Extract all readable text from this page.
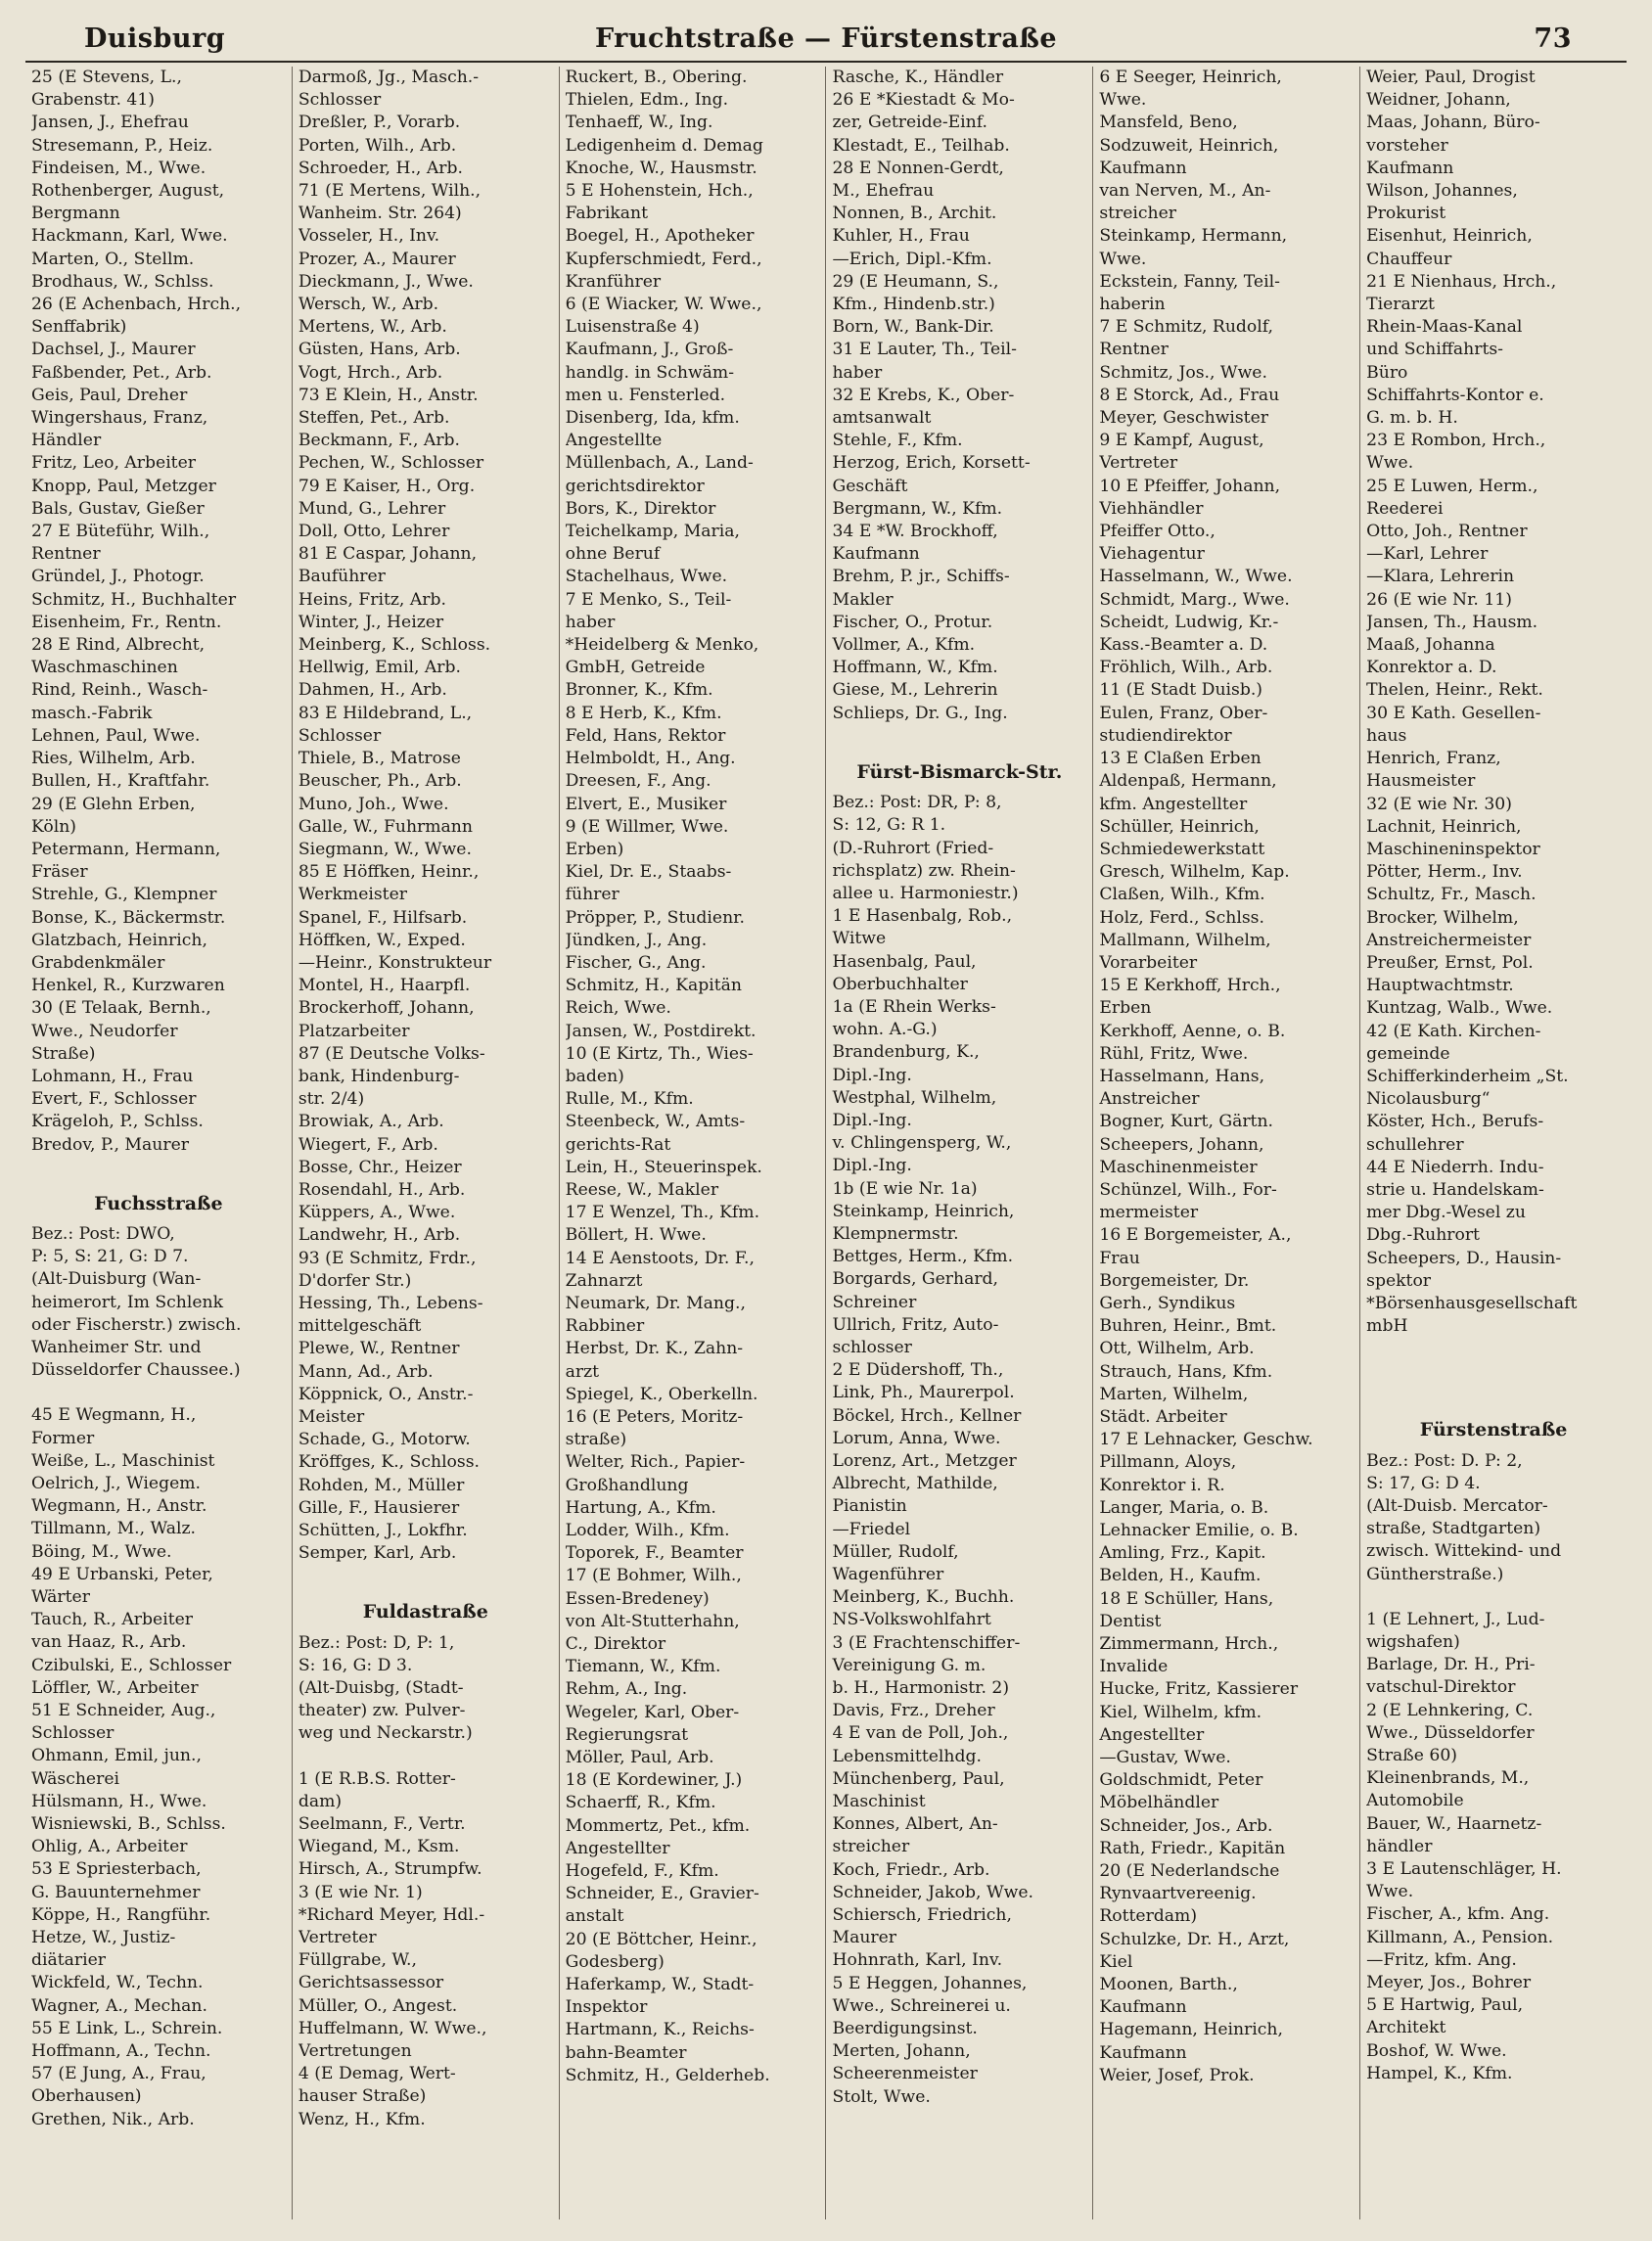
Duisburg	Fruchtstraße — Fürstenstraße	73

25 (E Stevens, L.,

Grabenstr. 41)

Jansen, J., Ehefrau

Stresemann, P., Heiz.

Findeisen, M., Wwe.

Rothenberger, August,

Bergmann

Hackmann, Karl, Wwe.

Marten, O., Stellm.

Brodhaus, W., Schlss.

26 (E Achenbach, Hrch.,

Senffabrik)

Dachsel, J., Maurer

Faßbender, Pet., Arb.

Geis, Paul, Dreher

Wingershaus, Franz,

Händler

Fritz, Leo, Arbeiter

Knopp, Paul, Metzger

Bals, Gustav, Gießer

27 E Büteführ, Wilh.,

Rentner

Gründel, J., Photogr.

Schmitz, H., Buchhalter

Eisenheim, Fr., Rentn.

28 E Rind, Albrecht,

Waschmaschinen

Rind, Reinh., Wasch-

masch.-Fabrik

Lehnen, Paul, Wwe.

Ries, Wilhelm, Arb.

Bullen, H., Kraftfahr.

29 (E Glehn Erben,

Köln)

Petermann, Hermann,

Fräser

Strehle, G., Klempner

Bonse, K., Bäckermstr.

Glatzbach, Heinrich,

Grabdenkmäler

Henkel, R., Kurzwaren

30 (E Telaak, Bernh.,

Wwe., Neudorfer

Straße)

Lohmann, H., Frau

Evert, F., Schlosser

Krägeloh, P., Schlss.

Bredov, P., Maurer

Fuchsstraße

Bez.: Post: DWO,

P: 5, S: 21, G: D 7.

(Alt-Duisburg (Wan-

heimerort, Im Schlenk

oder Fischerstr.) zwisch.

Wanheimer Str. und

Düsseldorfer Chaussee.)

45 E Wegmann, H.,

Former

Weiße, L., Maschinist

Oelrich, J., Wiegem.

Wegmann, H., Anstr.

Tillmann, M., Walz.

Böing, M., Wwe.

49 E Urbanski, Peter,

Wärter

Tauch, R., Arbeiter

van Haaz, R., Arb.

Czibulski, E., Schlosser

Löffler, W., Arbeiter

51 E Schneider, Aug.,

Schlosser

Ohmann, Emil, jun.,

Wäscherei

Hülsmann, H., Wwe.

Wisniewski, B., Schlss.

Ohlig, A., Arbeiter

53 E Spriesterbach,

G. Bauunternehmer

Köppe, H., Rangführ.

Hetze, W., Justiz-

diätarier

Wickfeld, W., Techn.

Wagner, A., Mechan.

55 E Link, L., Schrein.

Hoffmann, A., Techn.

57 (E Jung, A., Frau,

Oberhausen)

Grethen, Nik., Arb.

Darmoß, Jg., Masch.-

Schlosser

Dreßler, P., Vorarb.

Porten, Wilh., Arb.

Schroeder, H., Arb.

71 (E Mertens, Wilh.,

Wanheim. Str. 264)

Vosseler, H., Inv.

Prozer, A., Maurer

Dieckmann, J., Wwe.

Wersch, W., Arb.

Mertens, W., Arb.

Güsten, Hans, Arb.

Vogt, Hrch., Arb.

73 E Klein, H., Anstr.

Steffen, Pet., Arb.

Beckmann, F., Arb.

Pechen, W., Schlosser

79 E Kaiser, H., Org.

Mund, G., Lehrer

Doll, Otto, Lehrer

81 E Caspar, Johann,

Bauführer

Heins, Fritz, Arb.

Winter, J., Heizer

Meinberg, K., Schloss.

Hellwig, Emil, Arb.

Dahmen, H., Arb.

83 E Hildebrand, L.,

Schlosser

Thiele, B., Matrose

Beuscher, Ph., Arb.

Muno, Joh., Wwe.

Galle, W., Fuhrmann

Siegmann, W., Wwe.

85 E Höffken, Heinr.,

Werkmeister

Spanel, F., Hilfsarb.

Höffken, W., Exped.

—Heinr., Konstrukteur

Montel, H., Haarpfl.

Brockerhoff, Johann,

Platzarbeiter

87 (E Deutsche Volks-

bank, Hindenburg-

str. 2/4)

Browiak, A., Arb.

Wiegert, F., Arb.

Bosse, Chr., Heizer

Rosendahl, H., Arb.

Küppers, A., Wwe.

Landwehr, H., Arb.

93 (E Schmitz, Frdr.,

D'dorfer Str.)

Hessing, Th., Lebens-

mittelgeschäft

Plewe, W., Rentner

Mann, Ad., Arb.

Köppnick, O., Anstr.-

Meister

Schade, G., Motorw.

Kröffges, K., Schloss.

Rohden, M., Müller

Gille, F., Hausierer

Schütten, J., Lokfhr.

Semper, Karl, Arb.

Fuldastraße

Bez.: Post: D, P: 1,

S: 16, G: D 3.

(Alt-Duisbg, (Stadt-

theater) zw. Pulver-

weg und Neckarstr.)

1 (E R.B.S. Rotter-

dam)

Seelmann, F., Vertr.

Wiegand, M., Ksm.

Hirsch, A., Strumpfw.

3 (E wie Nr. 1)

*Richard Meyer, Hdl.-

Vertreter

Füllgrabe, W.,

Gerichtsassessor

Müller, O., Angest.

Huffelmann, W. Wwe.,

Vertretungen

4 (E Demag, Wert-

hauser Straße)

Wenz, H., Kfm.

Ruckert, B., Obering.

Thielen, Edm., Ing.

Tenhaeff, W., Ing.

Ledigenheim d. Demag

Knoche, W., Hausmstr.

5 E Hohenstein, Hch.,

Fabrikant

Boegel, H., Apotheker

Kupferschmiedt, Ferd.,

Kranführer

6 (E Wiacker, W. Wwe.,

Luisenstraße 4)

Kaufmann, J., Groß-

handlg. in Schwäm-

men u. Fensterled.

Disenberg, Ida, kfm.

Angestellte

Müllenbach, A., Land-

gerichtsdirektor

Bors, K., Direktor

Teichelkamp, Maria,

ohne Beruf

Stachelhaus, Wwe.

7 E Menko, S., Teil-

haber

*Heidelberg & Menko,

GmbH, Getreide

Bronner, K., Kfm.

8 E Herb, K., Kfm.

Feld, Hans, Rektor

Helmboldt, H., Ang.

Dreesen, F., Ang.

Elvert, E., Musiker

9 (E Willmer, Wwe.

Erben)

Kiel, Dr. E., Staabs-

führer

Pröpper, P., Studienr.

Jündken, J., Ang.

Fischer, G., Ang.

Schmitz, H., Kapitän

Reich, Wwe.

Jansen, W., Postdirekt.

10 (E Kirtz, Th., Wies-

baden)

Rulle, M., Kfm.

Steenbeck, W., Amts-

gerichts-Rat

Lein, H., Steuerinspek.

Reese, W., Makler

17 E Wenzel, Th., Kfm.

Böllert, H. Wwe.

14 E Aenstoots, Dr. F.,

Zahnarzt

Neumark, Dr. Mang.,

Rabbiner

Herbst, Dr. K., Zahn-

arzt

Spiegel, K., Oberkelln.

16 (E Peters, Moritz-

straße)

Welter, Rich., Papier-

Großhandlung

Hartung, A., Kfm.

Lodder, Wilh., Kfm.

Toporek, F., Beamter

17 (E Bohmer, Wilh.,

Essen-Bredeney)

von Alt-Stutterhahn,

C., Direktor

Tiemann, W., Kfm.

Rehm, A., Ing.

Wegeler, Karl, Ober-

Regierungsrat

Möller, Paul, Arb.

18 (E Kordewiner, J.)

Schaerff, R., Kfm.

Mommertz, Pet., kfm.

Angestellter

Hogefeld, F., Kfm.

Schneider, E., Gravier-

anstalt

20 (E Böttcher, Heinr.,

Godesberg)

Haferkamp, W., Stadt-

Inspektor

Hartmann, K., Reichs-

bahn-Beamter

Schmitz, H., Gelderheb.

Rasche, K., Händler

26 E *Kiestadt & Mo-

zer, Getreide-Einf.

Klestadt, E., Teilhab.

28 E Nonnen-Gerdt,

M., Ehefrau

Nonnen, B., Archit.

Kuhler, H., Frau

—Erich, Dipl.-Kfm.

29 (E Heumann, S.,

Kfm., Hindenb.str.)

Born, W., Bank-Dir.

31 E Lauter, Th., Teil-

haber

32 E Krebs, K., Ober-

amtsanwalt

Stehle, F., Kfm.

Herzog, Erich, Korsett-

Geschäft

Bergmann, W., Kfm.

34 E *W. Brockhoff,

Kaufmann

Brehm, P. jr., Schiffs-

Makler

Fischer, O., Protur.

Vollmer, A., Kfm.

Hoffmann, W., Kfm.

Giese, M., Lehrerin

Schlieps, Dr. G., Ing.

Fürst-Bismarck-Str.

Bez.: Post: DR, P: 8,

S: 12, G: R 1.

(D.-Ruhrort (Fried-

richsplatz) zw. Rhein-

allee u. Harmoniestr.)

1 E Hasenbalg, Rob.,

Witwe

Hasenbalg, Paul,

Oberbuchhalter

1a (E Rhein Werks-

wohn. A.-G.)

Brandenburg, K.,

Dipl.-Ing.

Westphal, Wilhelm,

Dipl.-Ing.

v. Chlingensperg, W.,

Dipl.-Ing.

1b (E wie Nr. 1a)

Steinkamp, Heinrich,

Klempnermstr.

Bettges, Herm., Kfm.

Borgards, Gerhard,

Schreiner

Ullrich, Fritz, Auto-

schlosser

2 E Düdershoff, Th.,

Link, Ph., Maurerpol.

Böckel, Hrch., Kellner

Lorum, Anna, Wwe.

Lorenz, Art., Metzger

Albrecht, Mathilde,

Pianistin

—Friedel

Müller, Rudolf,

Wagenführer

Meinberg, K., Buchh.

NS-Volkswohlfahrt

3 (E Frachtenschiffer-

Vereinigung G. m.

b. H., Harmonistr. 2)

Davis, Frz., Dreher

4 E van de Poll, Joh.,

Lebensmittelhdg.

Münchenberg, Paul,

Maschinist

Konnes, Albert, An-

streicher

Koch, Friedr., Arb.

Schneider, Jakob, Wwe.

Schiersch, Friedrich,

Maurer

Hohnrath, Karl, Inv.

5 E Heggen, Johannes,

Wwe., Schreinerei u.

Beerdigungsinst.

Merten, Johann,

Scheerenmeister

Stolt, Wwe.

6 E Seeger, Heinrich,

Wwe.

Mansfeld, Beno,

Sodzuweit, Heinrich,

Kaufmann

van Nerven, M., An-

streicher

Steinkamp, Hermann,

Wwe.

Eckstein, Fanny, Teil-

haberin

7 E Schmitz, Rudolf,

Rentner

Schmitz, Jos., Wwe.

8 E Storck, Ad., Frau

Meyer, Geschwister

9 E Kampf, August,

Vertreter

10 E Pfeiffer, Johann,

Viehhändler

Pfeiffer Otto.,

Viehagentur

Hasselmann, W., Wwe.

Schmidt, Marg., Wwe.

Scheidt, Ludwig, Kr.-

Kass.-Beamter a. D.

Fröhlich, Wilh., Arb.

11 (E Stadt Duisb.)

Eulen, Franz, Ober-

studiendirektor

13 E Claßen Erben

Aldenpaß, Hermann,

kfm. Angestellter

Schüller, Heinrich,

Schmiedewerkstatt

Gresch, Wilhelm, Kap.

Claßen, Wilh., Kfm.

Holz, Ferd., Schlss.

Mallmann, Wilhelm,

Vorarbeiter

15 E Kerkhoff, Hrch.,

Erben

Kerkhoff, Aenne, o. B.

Rühl, Fritz, Wwe.

Hasselmann, Hans,

Anstreicher

Bogner, Kurt, Gärtn.

Scheepers, Johann,

Maschinenmeister

Schünzel, Wilh., For-

mermeister

16 E Borgemeister, A.,

Frau

Borgemeister, Dr.

Gerh., Syndikus

Buhren, Heinr., Bmt.

Ott, Wilhelm, Arb.

Strauch, Hans, Kfm.

Marten, Wilhelm,

Städt. Arbeiter

17 E Lehnacker, Geschw.

Pillmann, Aloys,

Konrektor i. R.

Langer, Maria, o. B.

Lehnacker Emilie, o. B.

Amling, Frz., Kapit.

Belden, H., Kaufm.

18 E Schüller, Hans,

Dentist

Zimmermann, Hrch.,

Invalide

Hucke, Fritz, Kassierer

Kiel, Wilhelm, kfm.

Angestellter

—Gustav, Wwe.

Goldschmidt, Peter

Möbelhändler

Schneider, Jos., Arb.

Rath, Friedr., Kapitän

20 (E Nederlandsche

Rynvaartvereenig.

Rotterdam)

Schulzke, Dr. H., Arzt,

Kiel

Moonen, Barth.,

Kaufmann

Hagemann, Heinrich,

Kaufmann

Weier, Josef, Prok.

Weier, Paul, Drogist

Weidner, Johann,

Maas, Johann, Büro-

vorsteher

Kaufmann

Wilson, Johannes,

Prokurist

Eisenhut, Heinrich,

Chauffeur

21 E Nienhaus, Hrch.,

Tierarzt

Rhein-Maas-Kanal

und Schiffahrts-

Büro

Schiffahrts-Kontor e.

G. m. b. H.

23 E Rombon, Hrch.,

Wwe.

25 E Luwen, Herm.,

Reederei

Otto, Joh., Rentner

—Karl, Lehrer

—Klara, Lehrerin

26 (E wie Nr. 11)

Jansen, Th., Hausm.

Maaß, Johanna

Konrektor a. D.

Thelen, Heinr., Rekt.

30 E Kath. Gesellen-

haus

Henrich, Franz,

Hausmeister

32 (E wie Nr. 30)

Lachnit, Heinrich,

Maschineninspektor

Pötter, Herm., Inv.

Schultz, Fr., Masch.

Brocker, Wilhelm,

Anstreichermeister

Preußer, Ernst, Pol.

Hauptwachtmstr.

Kuntzag, Walb., Wwe.

42 (E Kath. Kirchen-

gemeinde

Schifferkinderheim „St.

Nicolausburg“

Köster, Hch., Berufs-

schullehrer

44 E Niederrh. Indu-

strie u. Handelskam-

mer Dbg.-Wesel zu

Dbg.-Ruhrort

Scheepers, D., Hausin-

spektor

*Börsenhausgesellschaft

mbH

Fürstenstraße

Bez.: Post: D. P: 2,

S: 17, G: D 4.

(Alt-Duisb. Mercator-

straße, Stadtgarten)

zwisch. Wittekind- und

Güntherstraße.)

1 (E Lehnert, J., Lud-

wigshafen)

Barlage, Dr. H., Pri-

vatschul-Direktor

2 (E Lehnkering, C.

Wwe., Düsseldorfer

Straße 60)

Kleinenbrands, M.,

Automobile

Bauer, W., Haarnetz-

händler

3 E Lautenschläger, H.

Wwe.

Fischer, A., kfm. Ang.

Killmann, A., Pension.

—Fritz, kfm. Ang.

Meyer, Jos., Bohrer

5 E Hartwig, Paul,

Architekt

Boshof, W. Wwe.

Hampel, K., Kfm.
